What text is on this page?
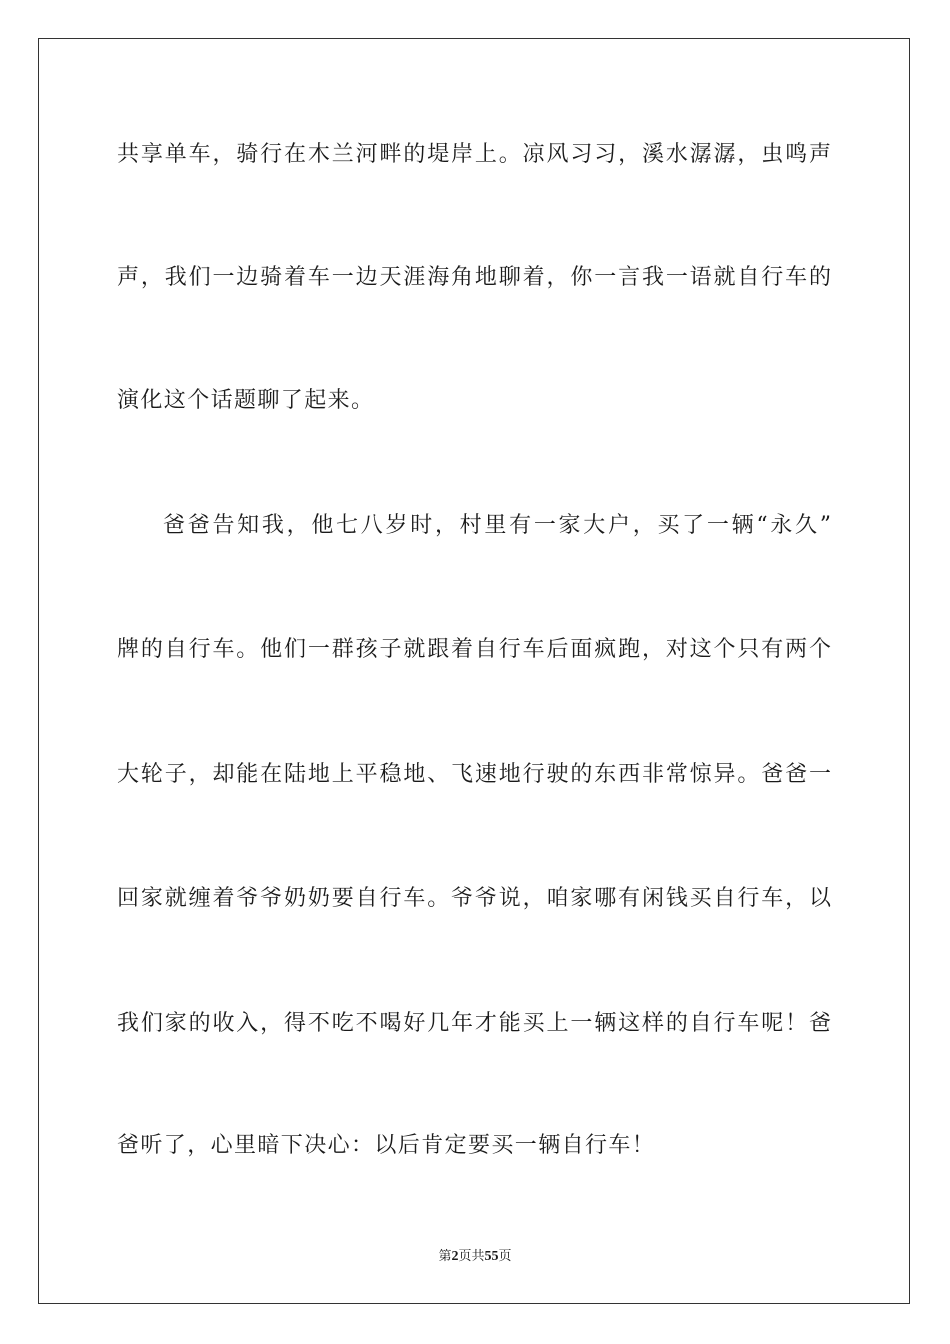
共享单车，骑行在木兰河畔的堤岸上。凉风习习，溪水潺潺，虫鸣声
声，我们一边骑着车一边天涯海角地聊着，你一言我一语就自行车的
演化这个话题聊了起来。
爸爸告知我，他七八岁时，村里有一家大户，买了一辆“永久”
牌的自行车。他们一群孩子就跟着自行车后面疯跑，对这个只有两个
大轮子，却能在陆地上平稳地、飞速地行驶的东西非常惊异。爸爸一
回家就缠着爷爷奶奶要自行车。爷爷说，咱家哪有闲钱买自行车，以
我们家的收入，得不吃不喝好几年才能买上一辆这样的自行车呢！爸
爸听了，心里暗下决心：以后肯定要买一辆自行车！
第2页共55页
